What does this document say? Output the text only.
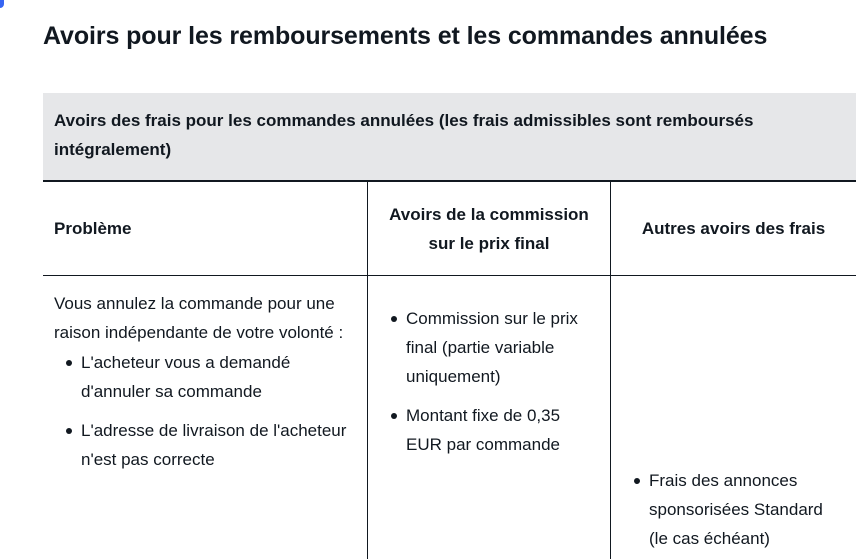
Avoirs pour les remboursements et les commandes annulées
Avoirs des frais pour les commandes annulées (les frais admissibles sont remboursés intégralement)
Problème
Avoirs de la commission sur le prix final
Autres avoirs des frais

Vous annulez la commande pour une raison indépendante de votre volonté :

L'acheteur vous a demandé d'annuler sa commande
L'adresse de livraison de l'acheteur n'est pas correcte
Commission sur le prix final (partie variable uniquement)
Montant fixe de 0,35 EUR par commande
Frais des annonces sponsorisées Standard (le cas échéant)
